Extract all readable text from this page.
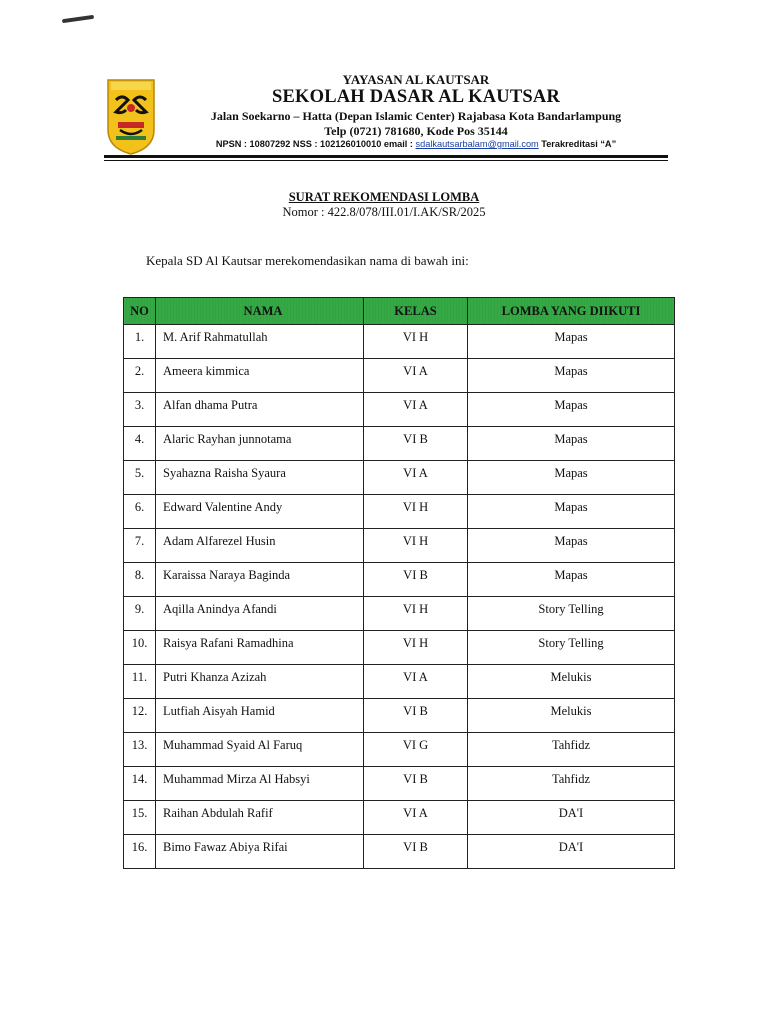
YAYASAN AL KAUTSAR
SEKOLAH DASAR AL KAUTSAR
Jalan Soekarno – Hatta (Depan Islamic Center) Rajabasa Kota Bandarlampung
Telp (0721) 781680, Kode Pos 35144
NPSN : 10807292 NSS : 102126010010 email : sdalkautsarbalam@gmail.com Terakreditasi “A”
SURAT REKOMENDASI LOMBA
Nomor : 422.8/078/III.01/I.AK/SR/2025
Kepala SD Al Kautsar merekomendasikan nama di bawah ini:
NO	NAMA	KELAS	LOMBA YANG DIIKUTI
1.	M. Arif Rahmatullah	VI H	Mapas
2.	Ameera kimmica	VI A	Mapas
3.	Alfan dhama Putra	VI A	Mapas
4.	Alaric Rayhan junnotama	VI B	Mapas
5.	Syahazna Raisha Syaura	VI A	Mapas
6.	Edward Valentine Andy	VI H	Mapas
7.	Adam Alfarezel Husin	VI H	Mapas
8.	Karaissa Naraya Baginda	VI B	Mapas
9.	Aqilla Anindya Afandi	VI H	Story Telling
10.	Raisya Rafani Ramadhina	VI H	Story Telling
11.	Putri Khanza Azizah	VI A	Melukis
12.	Lutfiah Aisyah Hamid	VI B	Melukis
13.	Muhammad Syaid Al Faruq	VI G	Tahfidz
14.	Muhammad Mirza Al Habsyi	VI B	Tahfidz
15.	Raihan Abdulah Rafif	VI A	DA'I
16.	Bimo Fawaz Abiya Rifai	VI B	DA'I
